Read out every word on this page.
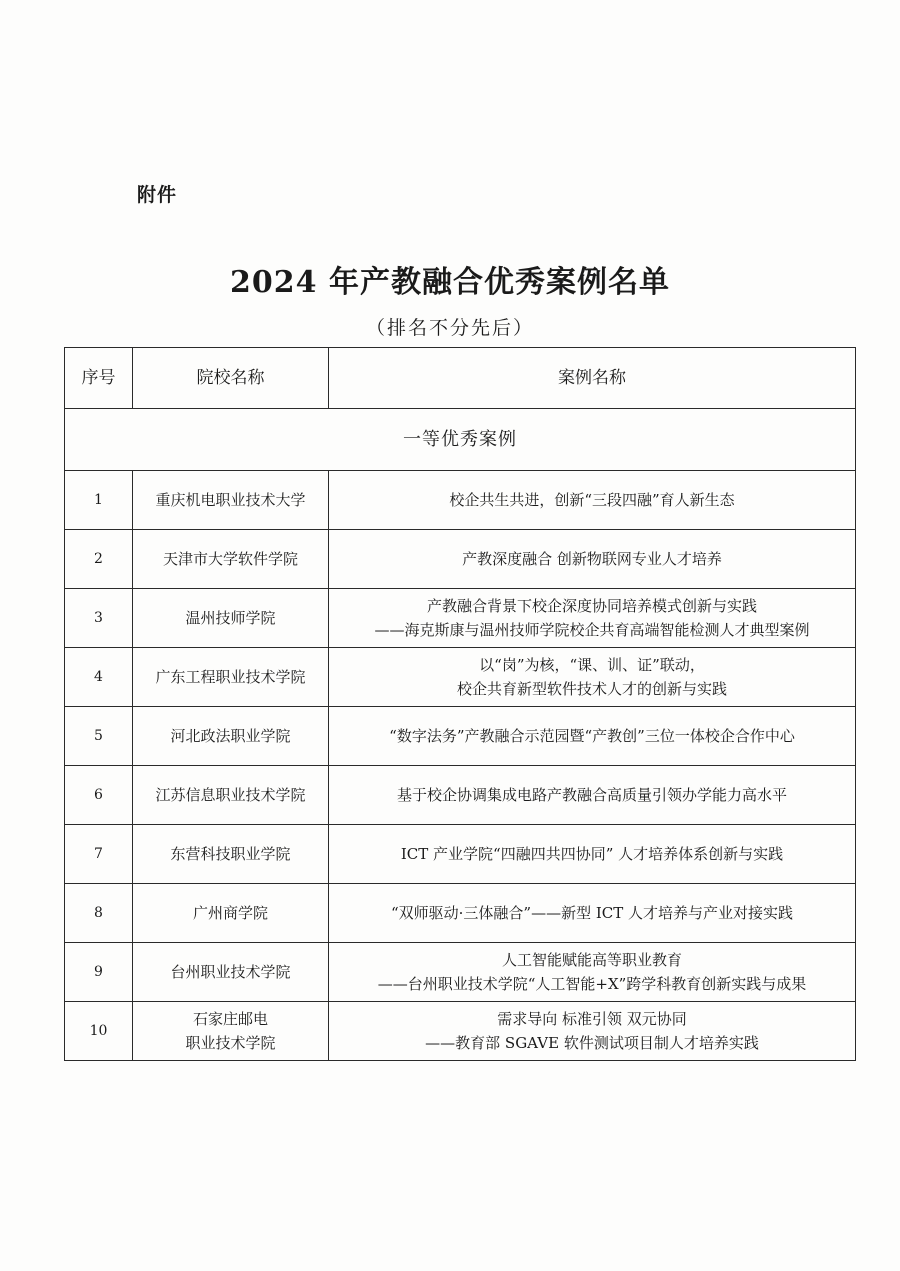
附件
2024 年产教融合优秀案例名单
（排名不分先后）
序号	院校名称	案例名称
一等优秀案例		
1	重庆机电职业技术大学	校企共生共进，创新“三段四融”育人新生态

2	天津市大学软件学院	产教深度融合 创新物联网专业人才培养

3	温州技师学院	产教融合背景下校企深度协同培养模式创新与实践
——海克斯康与温州技师学院校企共育高端智能检测人才典型案例

4	广东工程职业技术学院	以“岗”为核，“课、训、证”联动，
校企共育新型软件技术人才的创新与实践

5	河北政法职业学院	“数字法务”产教融合示范园暨“产教创”三位一体校企合作中心

6	江苏信息职业技术学院	基于校企协调集成电路产教融合高质量引领办学能力高水平

7	东营科技职业学院	ICT 产业学院“四融四共四协同” 人才培养体系创新与实践

8	广州商学院	“双师驱动·三体融合”——新型 ICT 人才培养与产业对接实践

9	台州职业技术学院	人工智能赋能高等职业教育
——台州职业技术学院“人工智能+X”跨学科教育创新实践与成果

10	石家庄邮电
职业技术学院	需求导向 标准引领 双元协同
——教育部 SGAVE 软件测试项目制人才培养实践
